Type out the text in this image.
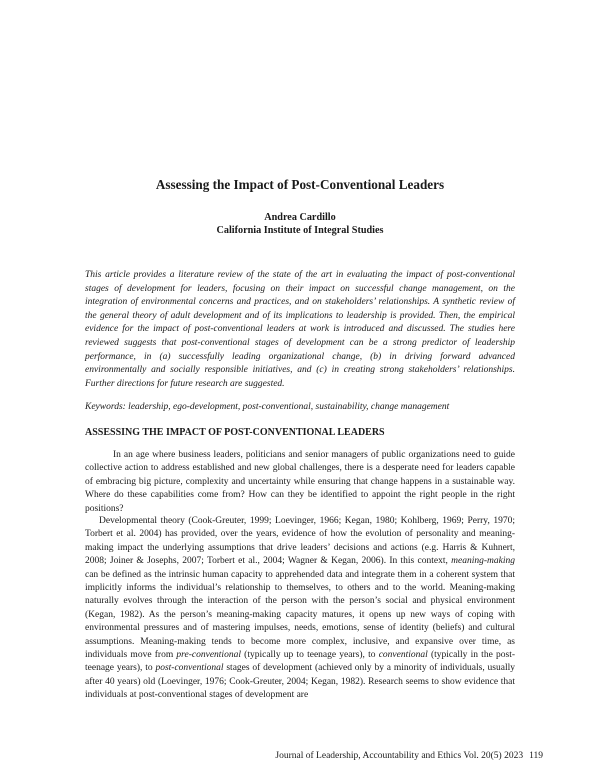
Assessing the Impact of Post-Conventional Leaders
Andrea Cardillo
California Institute of Integral Studies

This article provides a literature review of the state of the art in evaluating the impact of post-conventional stages of development for leaders, focusing on their impact on successful change management, on the integration of environmental concerns and practices, and on stakeholders’ relationships. A synthetic review of the general theory of adult development and of its implications to leadership is provided. Then, the empirical evidence for the impact of post-conventional leaders at work is introduced and discussed. The studies here reviewed suggests that post-conventional stages of development can be a strong predictor of leadership performance, in (a) successfully leading organizational change, (b) in driving forward advanced environmentally and socially responsible initiatives, and (c) in creating strong stakeholders’ relationships. Further directions for future research are suggested.

Keywords: leadership, ego-development, post-conventional, sustainability, change management

ASSESSING THE IMPACT OF POST-CONVENTIONAL LEADERS

In an age where business leaders, politicians and senior managers of public organizations need to guide collective action to address established and new global challenges, there is a desperate need for leaders capable of embracing big picture, complexity and uncertainty while ensuring that change happens in a sustainable way. Where do these capabilities come from? How can they be identified to appoint the right people in the right positions?

Developmental theory (Cook-Greuter, 1999; Loevinger, 1966; Kegan, 1980; Kohlberg, 1969; Perry, 1970; Torbert et al. 2004) has provided, over the years, evidence of how the evolution of personality and meaning-making impact the underlying assumptions that drive leaders’ decisions and actions (e.g. Harris & Kuhnert, 2008; Joiner & Josephs, 2007; Torbert et al., 2004; Wagner & Kegan, 2006). In this context, meaning-making can be defined as the intrinsic human capacity to apprehended data and integrate them in a coherent system that implicitly informs the individual’s relationship to themselves, to others and to the world. Meaning-making naturally evolves through the interaction of the person with the person’s social and physical environment (Kegan, 1982). As the person’s meaning-making capacity matures, it opens up new ways of coping with environmental pressures and of mastering impulses, needs, emotions, sense of identity (beliefs) and cultural assumptions. Meaning-making tends to become more complex, inclusive, and expansive over time, as individuals move from pre-conventional (typically up to teenage years), to conventional (typically in the post-teenage years), to post-conventional stages of development (achieved only by a minority of individuals, usually after 40 years) old (Loevinger, 1976; Cook-Greuter, 2004; Kegan, 1982). Research seems to show evidence that individuals at post-conventional stages of development are

Journal of Leadership, Accountability and Ethics Vol. 20(5) 2023 119
